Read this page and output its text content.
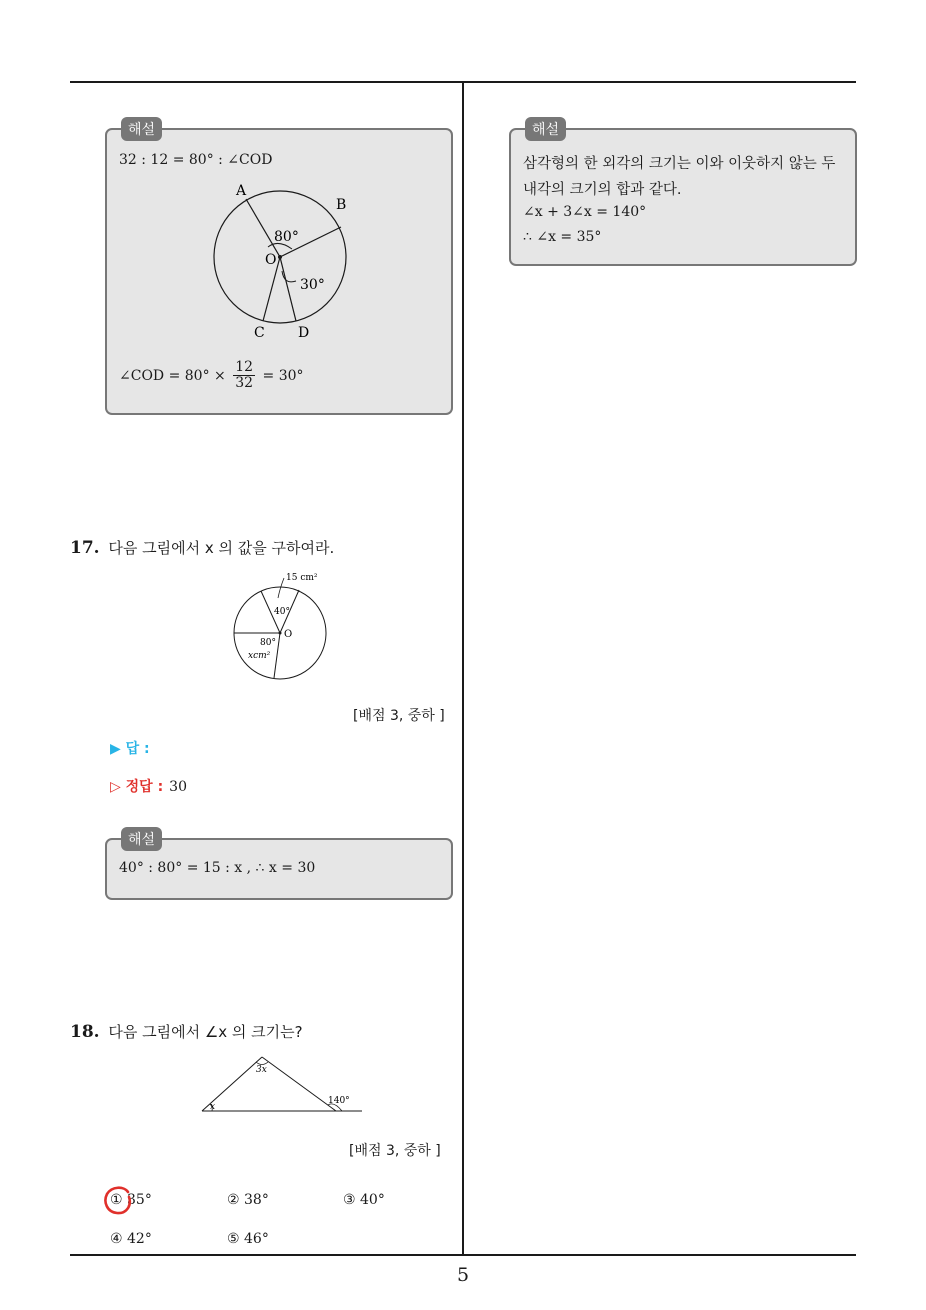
5
해설
32 : 12 = 80° : ∠COD
A
B
O
C D
80°
30°
∠COD = $80^\circ \times \frac{12}{32} = 30^\circ$
17. 다음 그림에서 x 의 값을 구하여라.
15 cm²
40°
O
80°
xcm²
[배점 3, 중하 ]
▶ 답 :
▷ 정답 : 30
해설
40° : 80° = 15 : x , ∴ x = 30
18. 다음 그림에서 ∠x 의 크기는?
3x
x
140°
[배점 3, 중하 ]
① 35°	② 38°	③ 40°
④ 42°	⑤ 46°
해설
삼각형의 한 외각의 크기는 이와 이웃하지 않는 두
내각의 크기의 합과 같다.
∠x + 3∠x = 140°
∴ ∠x = 35°
